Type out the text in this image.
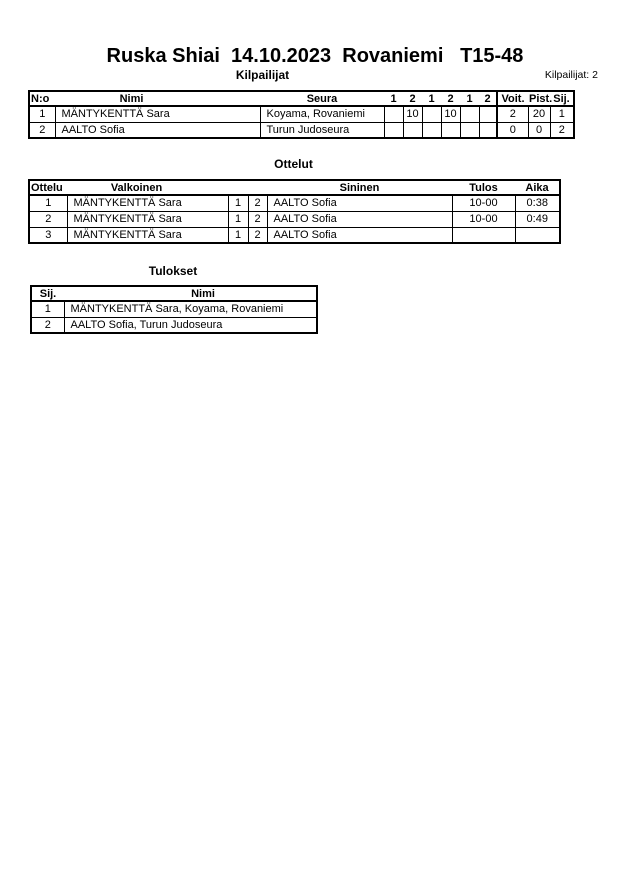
Ruska Shiai  14.10.2023  Rovaniemi   T15-48
Kilpailijat	Kilpailijat: 2
N:o	Nimi	Seura	1	2	1	2	1	2	Voit.	Pist.	Sij.
1	MÄNTYKENTTÄ Sara	Koyama, Rovaniemi		10		10			2	20	1
2	AALTO Sofia	Turun Judoseura							0	0	2
Ottelut
Ottelu	Valkoinen			Sininen	Tulos	Aika
1	MÄNTYKENTTÄ Sara	1	2	AALTO Sofia	10-00	0:38
2	MÄNTYKENTTÄ Sara	1	2	AALTO Sofia	10-00	0:49
3	MÄNTYKENTTÄ Sara	1	2	AALTO Sofia		
Tulokset
Sij.	Nimi
1	MÄNTYKENTTÄ Sara, Koyama, Rovaniemi
2	AALTO Sofia, Turun Judoseura
